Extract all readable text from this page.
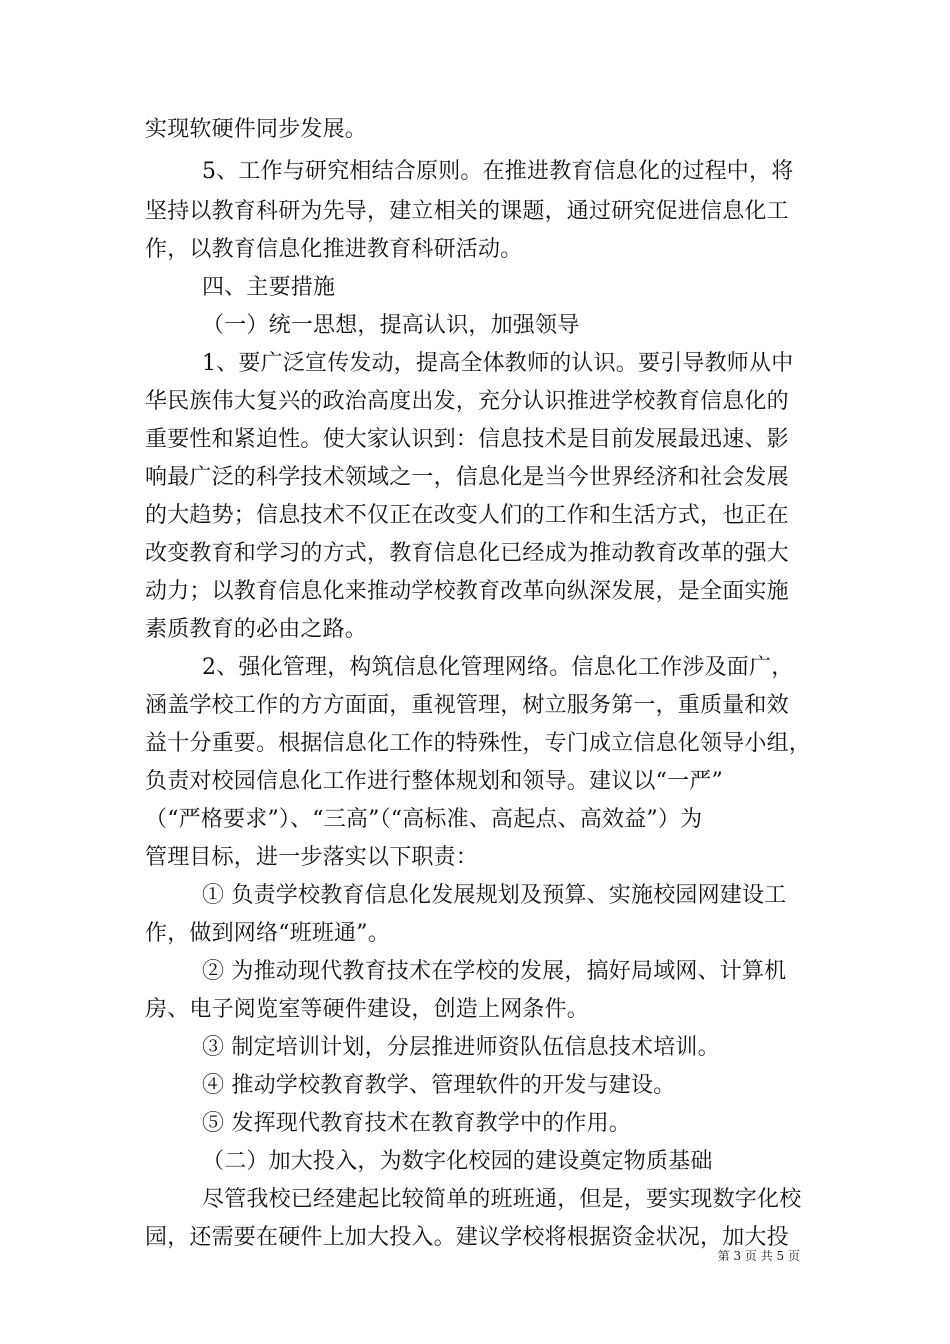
实现软硬件同步发展。
5、工作与研究相结合原则。在推进教育信息化的过程中，将
坚持以教育科研为先导，建立相关的课题，通过研究促进信息化工
作，以教育信息化推进教育科研活动。
四、主要措施
（一）统一思想，提高认识，加强领导
1、要广泛宣传发动，提高全体教师的认识。要引导教师从中
华民族伟大复兴的政治高度出发，充分认识推进学校教育信息化的
重要性和紧迫性。使大家认识到：信息技术是目前发展最迅速、影
响最广泛的科学技术领域之一，信息化是当今世界经济和社会发展
的大趋势；信息技术不仅正在改变人们的工作和生活方式，也正在
改变教育和学习的方式，教育信息化已经成为推动教育改革的强大
动力；以教育信息化来推动学校教育改革向纵深发展，是全面实施
素质教育的必由之路。
2、强化管理，构筑信息化管理网络。信息化工作涉及面广，
涵盖学校工作的方方面面，重视管理，树立服务第一，重质量和效
益十分重要。根据信息化工作的特殊性，专门成立信息化领导小组，
负责对校园信息化工作进行整体规划和领导。建议以“一严”
（“严格要求”）、“三高”（“高标准、高起点、高效益”）为
管理目标，进一步落实以下职责：
① 负责学校教育信息化发展规划及预算、实施校园网建设工
作，做到网络“班班通”。
② 为推动现代教育技术在学校的发展，搞好局域网、计算机
房、电子阅览室等硬件建设，创造上网条件。
③ 制定培训计划，分层推进师资队伍信息技术培训。
④ 推动学校教育教学、管理软件的开发与建设。
⑤ 发挥现代教育技术在教育教学中的作用。
（二）加大投入，为数字化校园的建设奠定物质基础
尽管我校已经建起比较简单的班班通，但是，要实现数字化校
园，还需要在硬件上加大投入。建议学校将根据资金状况，加大投
第 3 页 共 5 页
